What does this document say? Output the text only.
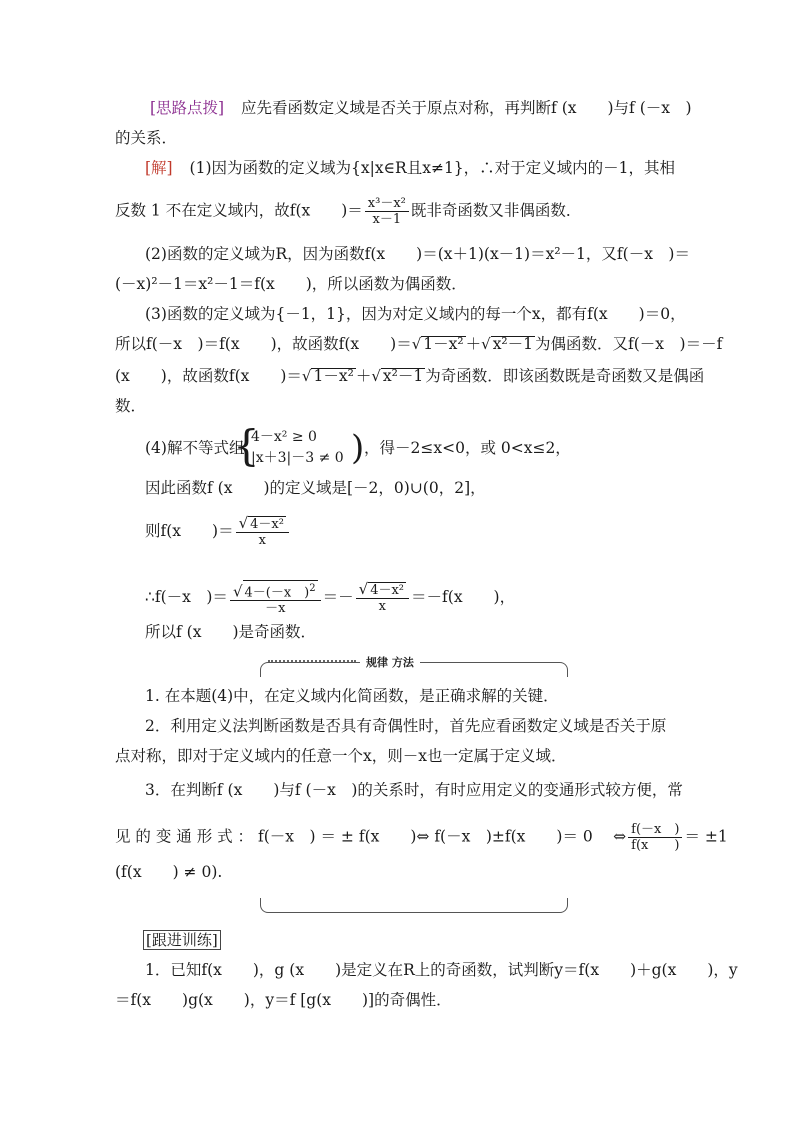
[思路点拨] 应先看函数定义域是否关于原点对称，再判断f (x　　)与f (－x　)
的关系．
[解] (1)因为函数的定义域为{x|x∈R且x≠1}，∴对于定义域内的－1，其相
反数 1 不在定义域内，故f(x　　)＝ $\frac{\text{x³－x²}}{x-1}$ 既非奇函数又非偶函数．
(2)函数的定义域为R，因为函数f(x　　)＝(x＋1)(x－1)＝x²－1，又f(－x　)＝
(－x)²－1＝x²－1＝f(x　　)，所以函数为偶函数．
(3)函数的定义域为{－1，1}，因为对定义域内的每一个x，都有f(x　　)＝0，
所以f(－x　)＝f(x　　)，故函数f(x　　)＝√ 1－x² ＋√ x²－1 为偶函数．又f(－x　)＝－f
(x　　)，故函数f(x　　)＝√ 1－x² ＋√ x²－1 为奇函数．即该函数既是奇函数又是偶函
数．
(4)解不等式组
{
4－x² ≥ 0
|x＋3|－3 ≠ 0 ) ，得－2≤x<0，或 0<x≤2，
因此函数f (x　　)的定义域是[－2，0)∪(0，2]，
则f(x　　)＝ $\frac{\text{√ 4－x²}}{x}$
∴f(－x　)＝ $\frac{√ 4-(-x )^2}{-x} =- \frac{\text{√ 4－x²}}{x} =-f(x$　　)，
所以f (x　　)是奇函数．
规律 方法
1. 在本题(4)中，在定义域内化简函数，是正确求解的关键．
2．利用定义法判断函数是否具有奇偶性时，首先应看函数定义域是否关于原
点对称，即对于定义域内的任意一个x，则－x也一定属于定义域．
3．在判断f (x　　)与f (－x　)的关系时，有时应用定义的变通形式较方便，常
见 的 变 通 形 式 ： f(－x　) ＝ ± f(x　　)⇔ f(－x　)±f(x　　)＝ 0　 ⇔ $\frac{f(-x )}{f(x )} = \pm 1$
(f(x　　) ≠ 0).
[跟进训练]
1．已知f(x　　)，g (x　　)是定义在R上的奇函数，试判断y＝f(x　　)＋g(x　　)，y
＝f(x　　)g(x　　)，y＝f [g(x　　)]的奇偶性．
